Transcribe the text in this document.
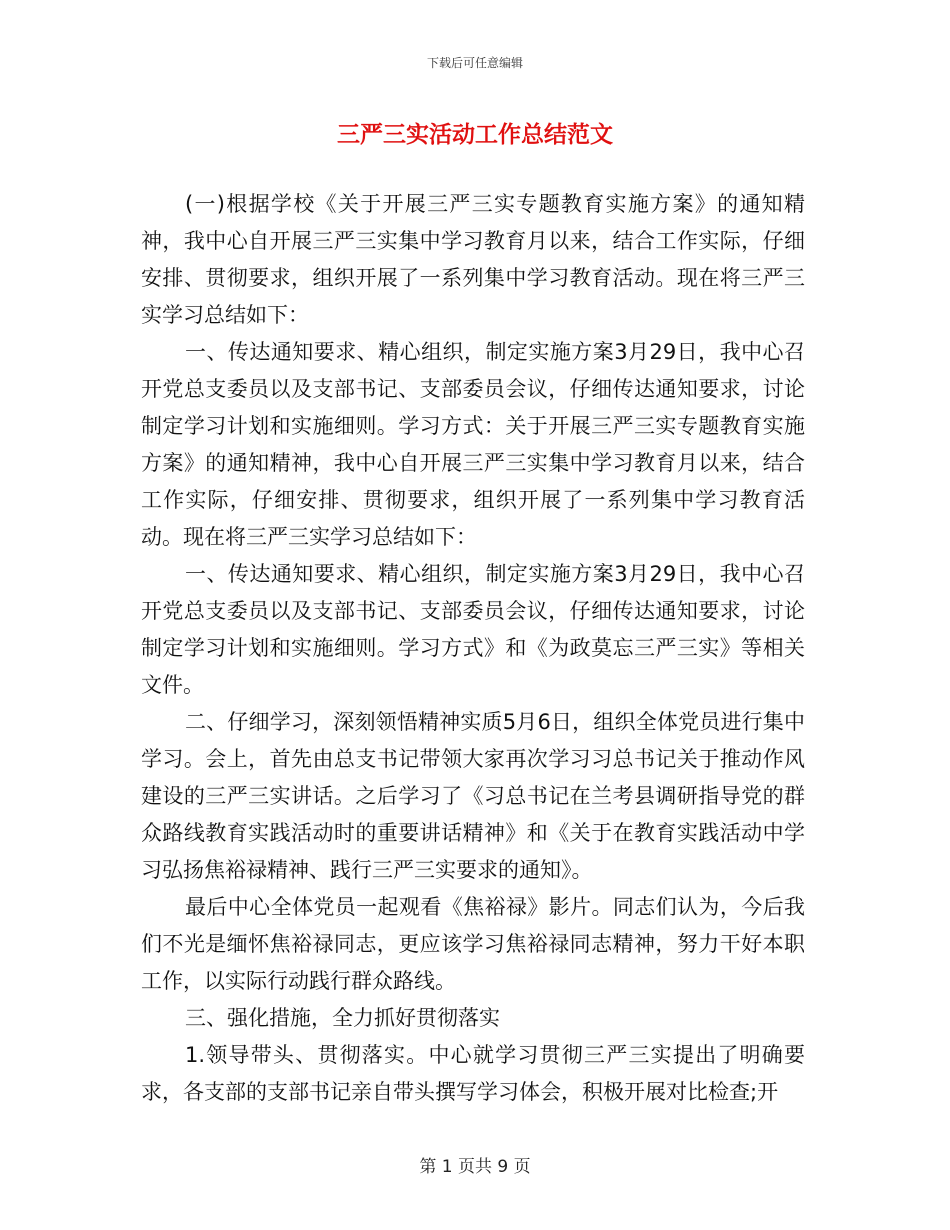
下载后可任意编辑
三严三实活动工作总结范文

(一)根据学校《关于开展三严三实专题教育实施方案》的通知精神，我中心自开展三严三实集中学习教育月以来，结合工作实际，仔细安排、贯彻要求，组织开展了一系列集中学习教育活动。现在将三严三实学习总结如下：

一、传达通知要求、精心组织，制定实施方案3月29日，我中心召开党总支委员以及支部书记、支部委员会议，仔细传达通知要求，讨论制定学习计划和实施细则。学习方式：关于开展三严三实专题教育实施方案》的通知精神，我中心自开展三严三实集中学习教育月以来，结合工作实际，仔细安排、贯彻要求，组织开展了一系列集中学习教育活动。现在将三严三实学习总结如下：

一、传达通知要求、精心组织，制定实施方案3月29日，我中心召开党总支委员以及支部书记、支部委员会议，仔细传达通知要求，讨论制定学习计划和实施细则。学习方式》和《为政莫忘三严三实》等相关文件。

二、仔细学习，深刻领悟精神实质5月6日，组织全体党员进行集中学习。会上，首先由总支书记带领大家再次学习习总书记关于推动作风建设的三严三实讲话。之后学习了《习总书记在兰考县调研指导党的群众路线教育实践活动时的重要讲话精神》和《关于在教育实践活动中学习弘扬焦裕禄精神、践行三严三实要求的通知》。

最后中心全体党员一起观看《焦裕禄》影片。同志们认为，今后我们不光是缅怀焦裕禄同志，更应该学习焦裕禄同志精神，努力干好本职工作，以实际行动践行群众路线。

三、强化措施，全力抓好贯彻落实

1.领导带头、贯彻落实。中心就学习贯彻三严三实提出了明确要求，各支部的支部书记亲自带头撰写学习体会，积极开展对比检查;开

第 1 页共 9 页
